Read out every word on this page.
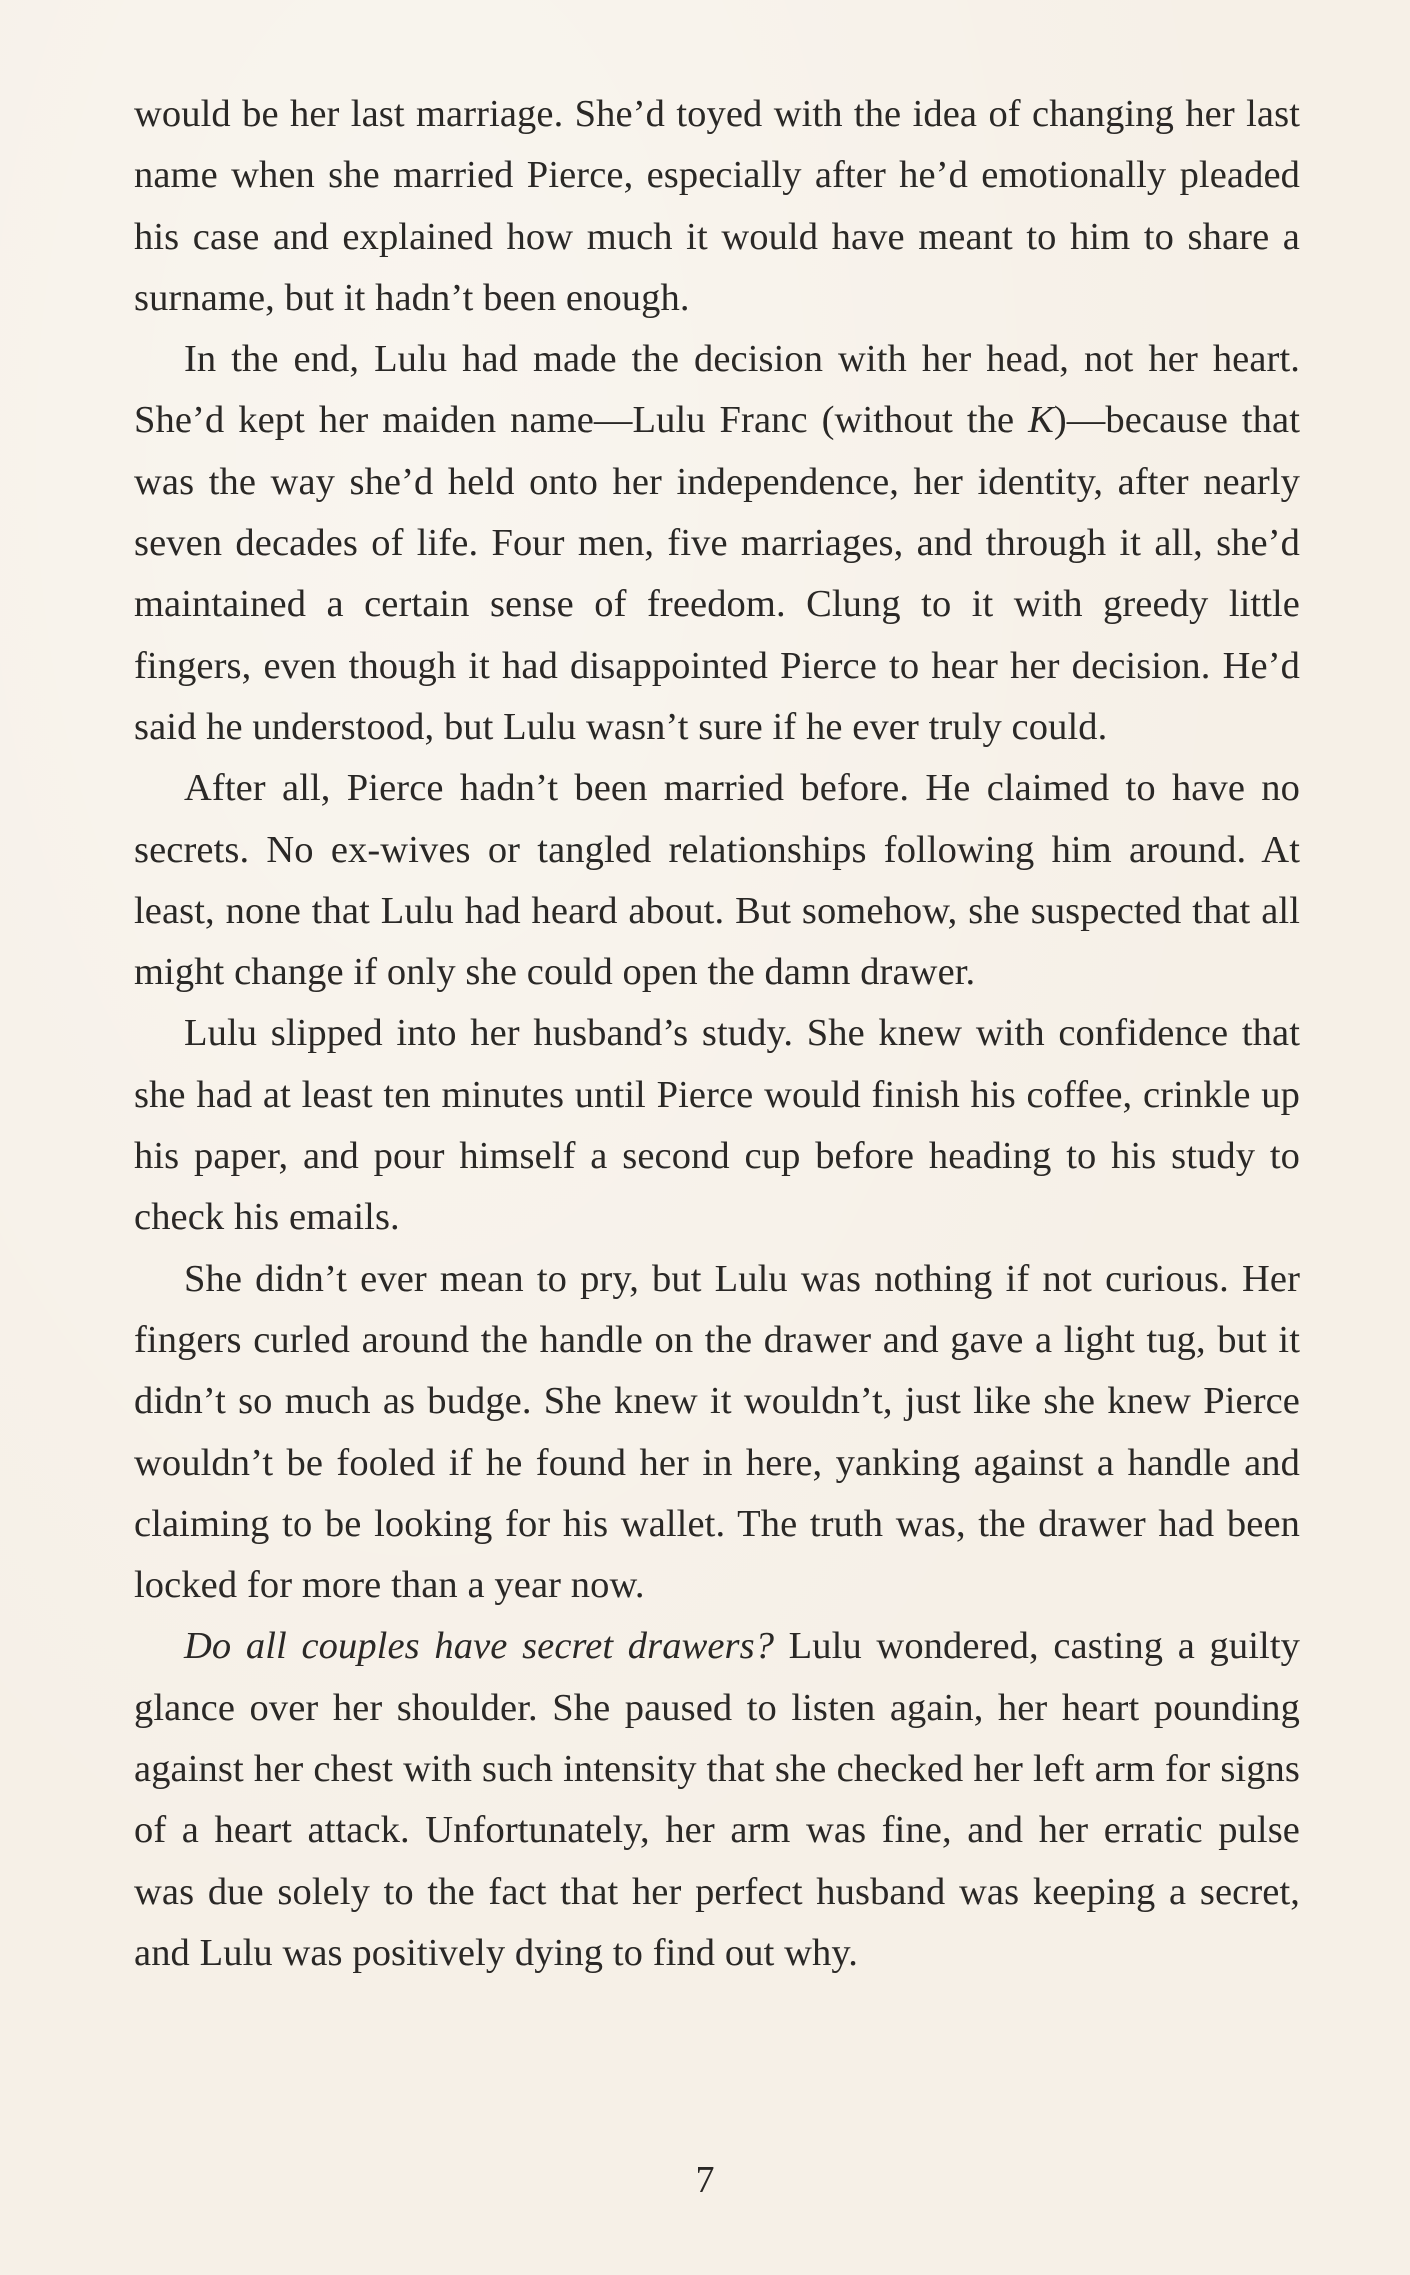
would be her last marriage. She’d toyed with the idea of changing her last name when she married Pierce, especially after he’d emotionally pleaded his case and explained how much it would have meant to him to share a surname, but it hadn’t been enough.

In the end, Lulu had made the decision with her head, not her heart. She’d kept her maiden name—Lulu Franc (without the K)—because that was the way she’d held onto her independence, her identity, after nearly seven decades of life. Four men, five marriages, and through it all, she’d maintained a certain sense of freedom. Clung to it with greedy little fingers, even though it had disappointed Pierce to hear her decision. He’d said he understood, but Lulu wasn’t sure if he ever truly could.

After all, Pierce hadn’t been married before. He claimed to have no secrets. No ex-wives or tangled relationships following him around. At least, none that Lulu had heard about. But somehow, she suspected that all might change if only she could open the damn drawer.

Lulu slipped into her husband’s study. She knew with confidence that she had at least ten minutes until Pierce would finish his coffee, crinkle up his paper, and pour himself a second cup before heading to his study to check his emails.

She didn’t ever mean to pry, but Lulu was nothing if not curious. Her fingers curled around the handle on the drawer and gave a light tug, but it didn’t so much as budge. She knew it wouldn’t, just like she knew Pierce wouldn’t be fooled if he found her in here, yanking against a handle and claiming to be looking for his wallet. The truth was, the drawer had been locked for more than a year now.

Do all couples have secret drawers? Lulu wondered, casting a guilty glance over her shoulder. She paused to listen again, her heart pounding against her chest with such intensity that she checked her left arm for signs of a heart attack. Unfortunately, her arm was fine, and her erratic pulse was due solely to the fact that her perfect husband was keeping a secret, and Lulu was positively dying to find out why.

7
